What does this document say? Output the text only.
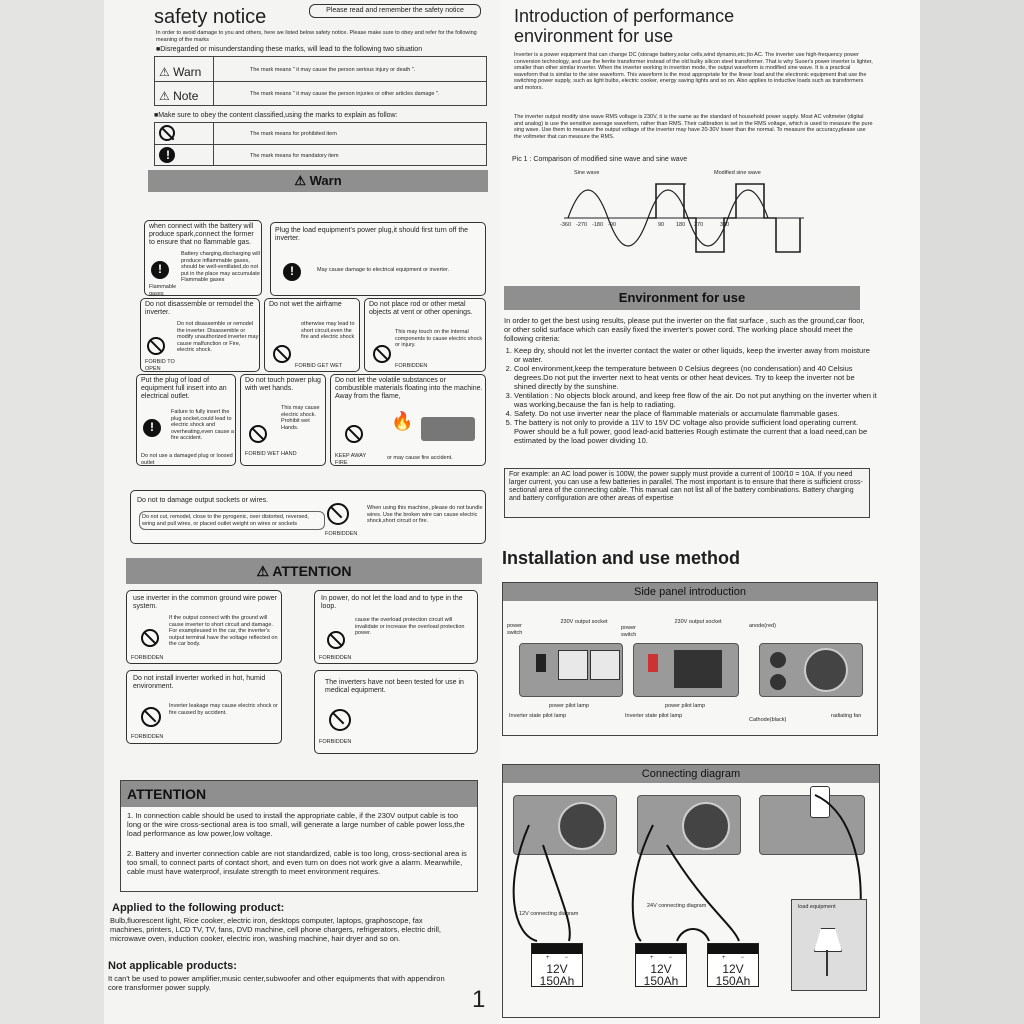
safety notice	Please read and remember the safety notice
In order to avoid damage to you and others, here we listed below safety notice. Please make sure to obey and refer for the following meaning of the marks
■Disregarded or misunderstanding these marks, will lead to the following two situation
⚠ Warn	The mark means " it may cause the person serious injury or death ".
⚠ Note	The mark means " it may cause the person injuries or other articles damage ".
■Make sure to obey the content classified,using the marks to explain as follow:
The mark means for prohibited item
!
The mark means for mandatory item
⚠ Warn
when connect with the battery will produce spark,connect the former to ensure that no flammable gas.
Battery charging,discharging will produce inflammable gases, should be well-ventilated,do not put in the place may accumulate Flammable gases
!
Flammable gases
Plug the load equipment's power plug,it should first turn off the inverter.
!
May cause damage to electrical equipment or inverter.
Do not disassemble or remodel the inverter.
Do not disassemble or remodel the inverter. Disassemble or modify unauthorized inverter may cause malfunction or Fire, electric shock.
FORBID TO OPEN
Do not wet the airframe
otherwise may lead to short circuit,even the fire and electric shock
FORBID GET WET
Do not place rod or other metal objects at vent or other openings.
This may touch on the internal components to cause electric shock or injury.
FORBIDDEN
Put the plug of load of equipment full insert into an electrical outlet.
Failure to fully insert the plug socket,could lead to electric shock and overheating,even cause a fire accident.
!
Do not use a damaged plug or loosed outlet
Do not touch power plug with wet hands.
This may cause electric shock. Prohibit wet Hands.
FORBID WET HAND
Do not let the volatile substances or combustible materials floating into the machine. Away from the flame,
🔥
KEEP AWAY FIRE
or may cause fire accident.
Do not to damage output sockets or wires.
Do not cut, remodel, close to the pyrogenic, over distorted, reversed, wring and pull wires, or placed outlet weight on wires or sockets
FORBIDDEN
When using this machine, please do not bundle wires. Use the broken wire can cause electric shock,short circuit or fire.
⚠ ATTENTION
use inverter in the common ground wire power system.
If the output connect with the ground will cause inverter to short circuit and damage. For exampleused in the car, the inverter's output terminal have the voltage reflected on the car body.
FORBIDDEN
In power, do not let the load and to type in the loop.
cause the overload protection circuit will invalidate or increase the overload protection power.
FORBIDDEN
Do not install inverter worked in hot, humid environment.
Inverter leakage may cause electric shock or fire caused by accident.
FORBIDDEN
The inverters have not been tested for use in medical equipment.
FORBIDDEN
ATTENTION
1. In connection cable should be used to install the appropriate cable, if the 230V output cable is too long or the wire cross-sectional area is too small, will generate a large number of cable power loss,the load performance as low power,low voltage.
2. Battery and inverter connection cable are not standardized, cable is too long, cross-sectional area is too small, to connect parts of contact short, and even turn on does not work give a alarm. Meanwhile, cable must have waterproof, insulate strength to meet environment requires.
Applied to the following product:
Bulb,fluorescent light, Rice cooker, electric iron, desktops computer, laptops, graphoscope, fax machines, printers, LCD TV, TV, fans, DVD machine, cell phone chargers, refrigerators, electric drill, microwave oven, induction cooker, electric iron, washing machine, hair dryer and so on.
Not applicable products:
It can't be used to power amplifier,music center,subwoofer and other equipments that with appendiron core transformer power supply.	1
Introduction of performance
environment for use
Inverter is a power equipment that can change DC (storage battery,solar cells,wind dynamo,etc.)to AC. The inverter use high-frequency power conversion technology, and use the ferrite transformer instead of the old bulky silicon steel transformer. That is why Suoer's power inverter is lighter, smaller than other similar inverter. When the inverter working in invertion mode, the output waveform is modified sine wave. It is a practical waveform that is similar to the sine waveform. This waveform is the most appropriate for the linear load and the electronic equipment that use the switching power supply, such as light bulbs, electric cooker, energy saving lights and so on. Also applies to inductive loads such as transformers and motors.
The inverter output modify sine wave RMS voltage is 230V, it is the same as the standard of household power supply. Most AC voltmeter (digital and analog) is use the sensitive average waveform, rather than RMS. Their calibration is set in the RMS voltage, which is used to measure the pure sing wave. Use them to measure the output voltage of the inverter may have 20-30V lower than the normal. To measure the accuracy,please use the voltmeter that can measure the RMS.
Pic 1 : Comparison of modified sine wave and sine wave
Sine wave	Modified sine wave
-360 -270 -180 -90	90 180 270	360
Environment for use
In order to get the best using results, please put the inverter on the flat surface , such as the ground,car floor, or other solid surface which can easily fixed the inverter's power cord. The working place should meet the following criteria:
1. Keep dry, should not let the inverter contact the water or other liquids, keep the inverter away from moisture or water.
2. Cool environment,keep the temperature between 0 Celsius degrees (no condensation) and 40 Celsius degrees.Do not put the inverter next to heat vents or other heat devices. Try to keep the inverter not be shined directly by the sunshine.
3. Ventilation : No objects block around, and keep free flow of the air. Do not put anything on the inverter when it was working,because the fan is help to radiating.
4. Safety. Do not use inverter near the place of flammable materials or accumulate flammable gases.
5. The battery is not only to provide a 11V to 15V DC voltage also provide sufficient load operating current. Power should be a full power, good lead-acid batteries Rough estimate the current that a load need,can be estimated by the load power dividing 10.
For example: an AC load power is 100W, the power supply must provide a current of 100/10 = 10A. If you need larger current, you can use a few batteries in parallel. The most important is to ensure that there is sufficient cross-sectional area of the connecting cable. This manual can not list all of the battery combinations. Battery charging and battery configuration are other areas of expertise
Installation and use method
Side panel introduction
power switch
230V output socket
power switch
230V output socket
anode(red)
power pilot lamp
Inverter state pilot lamp
power pilot lamp
Inverter state pilot lamp
Cathode(black)
radiating fan
Connecting diagram
12V connecting diagram
24V connecting diagram	load equipment
+         −
12V
150Ah
+         −
12V
150Ah
+         −
12V
150Ah
